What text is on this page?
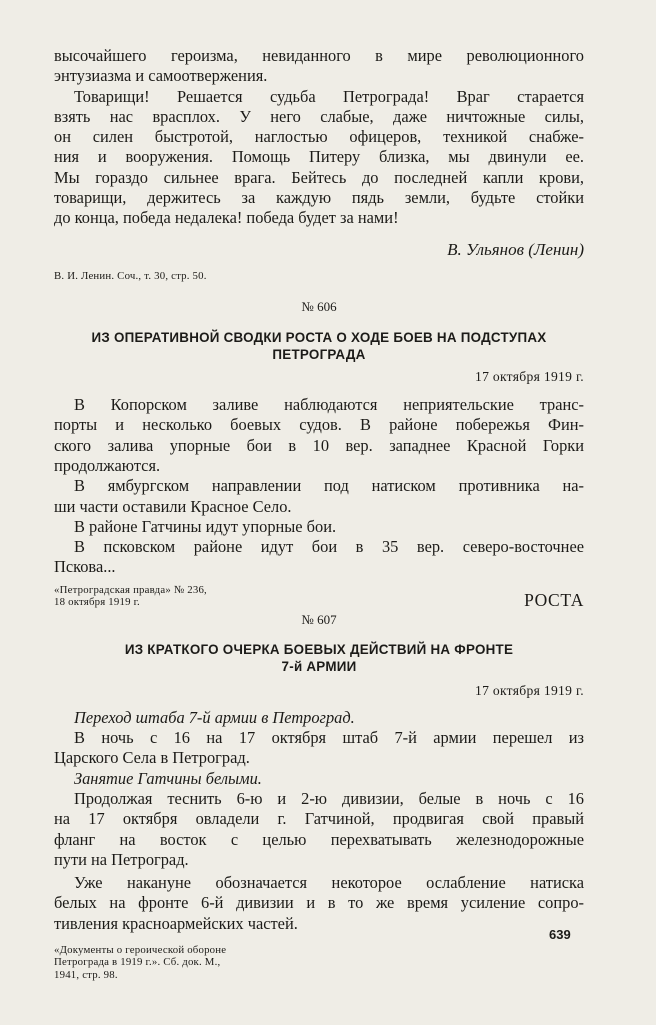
высочайшего героизма, невиданного в мире революционного
энтузиазма и самоотвержения.

Товарищи! Решается судьба Петрограда! Враг старается
взять нас врасплох. У него слабые, даже ничтожные силы,
он силен быстротой, наглостью офицеров, техникой снабже-
ния и вооружения. Помощь Питеру близка, мы двинули ее.
Мы гораздо сильнее врага. Бейтесь до последней капли крови,
товарищи, держитесь за каждую пядь земли, будьте стойки
до конца, победа недалека! победа будет за нами!

В. Ульянов (Ленин)

В. И. Ленин. Соч., т. 30, стр. 50.

№ 606

ИЗ ОПЕРАТИВНОЙ СВОДКИ РОСТА О ХОДЕ БОЕВ НА ПОДСТУПАХ
ПЕТРОГРАДА

17 октября 1919 г.

В Копорском заливе наблюдаются неприятельские транс-
порты и несколько боевых судов. В районе побережья Фин-
ского залива упорные бои в 10 вер. западнее Красной Горки
продолжаются.

В ямбургском направлении под натиском противника на-
ши части оставили Красное Село.

В районе Гатчины идут упорные бои.

В псковском районе идут бои в 35 вер. северо-восточнее
Пскова...

«Петроградская правда» № 236,
18 октября 1919 г.	РОСТА

№ 607

ИЗ КРАТКОГО ОЧЕРКА БОЕВЫХ ДЕЙСТВИЙ НА ФРОНТЕ
7-й АРМИИ

17 октября 1919 г.

Переход штаба 7-й армии в Петроград.

В ночь с 16 на 17 октября штаб 7-й армии перешел из
Царского Села в Петроград.

Занятие Гатчины белыми.

Продолжая теснить 6-ю и 2-ю дивизии, белые в ночь с 16
на 17 октября овладели г. Гатчиной, продвигая свой правый
фланг на восток с целью перехватывать железнодорожные
пути на Петроград.

Уже накануне обозначается некоторое ослабление натиска
белых на фронте 6-й дивизии и в то же время усиление сопро-
тивления красноармейских частей.

«Документы о героической обороне
Петрограда в 1919 г.». Сб. док. М.,
1941, стр. 98.

639
